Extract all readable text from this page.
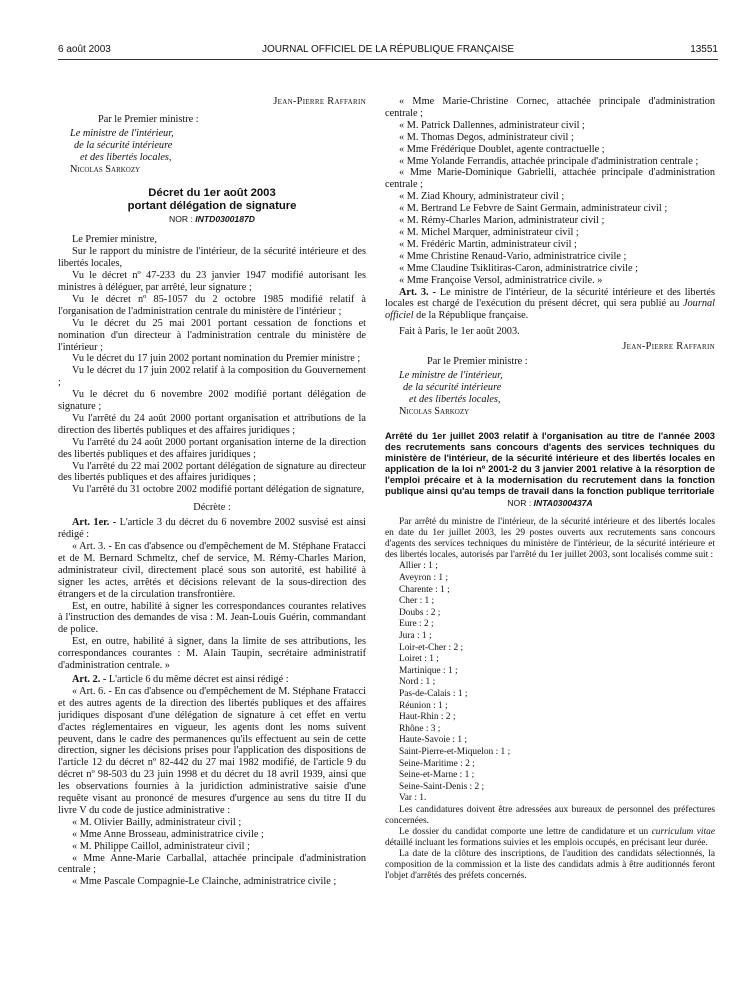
6 août 2003	JOURNAL OFFICIEL DE LA RÉPUBLIQUE FRANÇAISE	13551
Jean-Pierre Raffarin
Par le Premier ministre :
Le ministre de l'intérieur,
de la sécurité intérieure
et des libertés locales,
Nicolas Sarkozy
Décret du 1er août 2003
portant délégation de signature
NOR : INTD0300187D
Le Premier ministre,
Sur le rapport du ministre de l'intérieur, de la sécurité intérieure et des libertés locales,
Vu le décret nº 47-233 du 23 janvier 1947 modifié autorisant les ministres à déléguer, par arrêté, leur signature ;
Vu le décret nº 85-1057 du 2 octobre 1985 modifié relatif à l'organisation de l'administration centrale du ministère de l'intérieur ;
Vu le décret du 25 mai 2001 portant cessation de fonctions et nomination d'un directeur à l'administration centrale du ministère de l'intérieur ;
Vu le décret du 17 juin 2002 portant nomination du Premier ministre ;
Vu le décret du 17 juin 2002 relatif à la composition du Gouvernement ;
Vu le décret du 6 novembre 2002 modifié portant délégation de signature ;
Vu l'arrêté du 24 août 2000 portant organisation et attributions de la direction des libertés publiques et des affaires juridiques ;
Vu l'arrêté du 24 août 2000 portant organisation interne de la direction des libertés publiques et des affaires juridiques ;
Vu l'arrêté du 22 mai 2002 portant délégation de signature au directeur des libertés publiques et des affaires juridiques ;
Vu l'arrêté du 31 octobre 2002 modifié portant délégation de signature,
Décrète :
Art. 1er. - L'article 3 du décret du 6 novembre 2002 susvisé est ainsi rédigé :
« Art. 3. - En cas d'absence ou d'empêchement de M. Stéphane Fratacci et de M. Bernard Schmeltz, chef de service, M. Rémy-Charles Marion, administrateur civil, directement placé sous son autorité, est habilité à signer les actes, arrêtés et décisions relevant de la sous-direction des étrangers et de la circulation transfrontière.
Est, en outre, habilité à signer les correspondances courantes relatives à l'instruction des demandes de visa : M. Jean-Louis Guérin, commandant de police.
Est, en outre, habilité à signer, dans la limite de ses attributions, les correspondances courantes : M. Alain Taupin, secrétaire administratif d'administration centrale. »
Art. 2. - L'article 6 du même décret est ainsi rédigé :
« Art. 6. - En cas d'absence ou d'empêchement de M. Stéphane Fratacci et des autres agents de la direction des libertés publiques et des affaires juridiques disposant d'une délégation de signature à cet effet en vertu d'actes réglementaires en vigueur, les agents dont les noms suivent peuvent, dans le cadre des permanences qu'ils effectuent au sein de cette direction, signer les décisions prises pour l'application des dispositions de l'article 12 du décret nº 82-442 du 27 mai 1982 modifié, de l'article 9 du décret nº 98-503 du 23 juin 1998 et du décret du 18 avril 1939, ainsi que les observations fournies à la juridiction administrative saisie d'une requête visant au prononcé de mesures d'urgence au sens du titre II du livre V du code de justice administrative :
« M. Olivier Bailly, administrateur civil ;
« Mme Anne Brosseau, administratrice civile ;
« M. Philippe Caillol, administrateur civil ;
« Mme Anne-Marie Carballal, attachée principale d'administration centrale ;
« Mme Pascale Compagnie-Le Clainche, administratrice civile ;
« Mme Marie-Christine Cornec, attachée principale d'administration centrale ;
« M. Patrick Dallennes, administrateur civil ;
« M. Thomas Degos, administrateur civil ;
« Mme Frédérique Doublet, agente contractuelle ;
« Mme Yolande Ferrandis, attachée principale d'administration centrale ;
« Mme Marie-Dominique Gabrielli, attachée principale d'administration centrale ;
« M. Ziad Khoury, administrateur civil ;
« M. Bertrand Le Febvre de Saint Germain, administrateur civil ;
« M. Rémy-Charles Marion, administrateur civil ;
« M. Michel Marquer, administrateur civil ;
« M. Frédéric Martin, administrateur civil ;
« Mme Christine Renaud-Vario, administratrice civile ;
« Mme Claudine Tsiklitiras-Caron, administratrice civile ;
« Mme Françoise Versol, administratrice civile. »
Art. 3. - Le ministre de l'intérieur, de la sécurité intérieure et des libertés locales est chargé de l'exécution du présent décret, qui sera publié au Journal officiel de la République française.
Fait à Paris, le 1er août 2003.
Jean-Pierre Raffarin
Par le Premier ministre :
Le ministre de l'intérieur,
de la sécurité intérieure
et des libertés locales,
Nicolas Sarkozy
Arrêté du 1er juillet 2003 relatif à l'organisation au titre de l'année 2003 des recrutements sans concours d'agents des services techniques du ministère de l'intérieur, de la sécurité intérieure et des libertés locales en application de la loi nº 2001-2 du 3 janvier 2001 relative à la résorption de l'emploi précaire et à la modernisation du recrutement dans la fonction publique ainsi qu'au temps de travail dans la fonction publique territoriale
NOR : INTA0300437A
Par arrêté du ministre de l'intérieur, de la sécurité intérieure et des libertés locales en date du 1er juillet 2003, les 29 postes ouverts aux recrutements sans concours d'agents des services techniques du ministère de l'intérieur, de la sécurité intérieure et des libertés locales, autorisés par l'arrêté du 1er juillet 2003, sont localisés comme suit :
Allier : 1 ;
Aveyron : 1 ;
Charente : 1 ;
Cher : 1 ;
Doubs : 2 ;
Eure : 2 ;
Jura : 1 ;
Loir-et-Cher : 2 ;
Loiret : 1 ;
Martinique : 1 ;
Nord : 1 ;
Pas-de-Calais : 1 ;
Réunion : 1 ;
Haut-Rhin : 2 ;
Rhône : 3 ;
Haute-Savoie : 1 ;
Saint-Pierre-et-Miquelon : 1 ;
Seine-Maritime : 2 ;
Seine-et-Marne : 1 ;
Seine-Saint-Denis : 2 ;
Var : 1.
Les candidatures doivent être adressées aux bureaux de personnel des préfectures concernées.
Le dossier du candidat comporte une lettre de candidature et un curriculum vitae détaillé incluant les formations suivies et les emplois occupés, en précisant leur durée.
La date de la clôture des inscriptions, de l'audition des candidats sélectionnés, la composition de la commission et la liste des candidats admis à être auditionnés feront l'objet d'arrêtés des préfets concernés.
